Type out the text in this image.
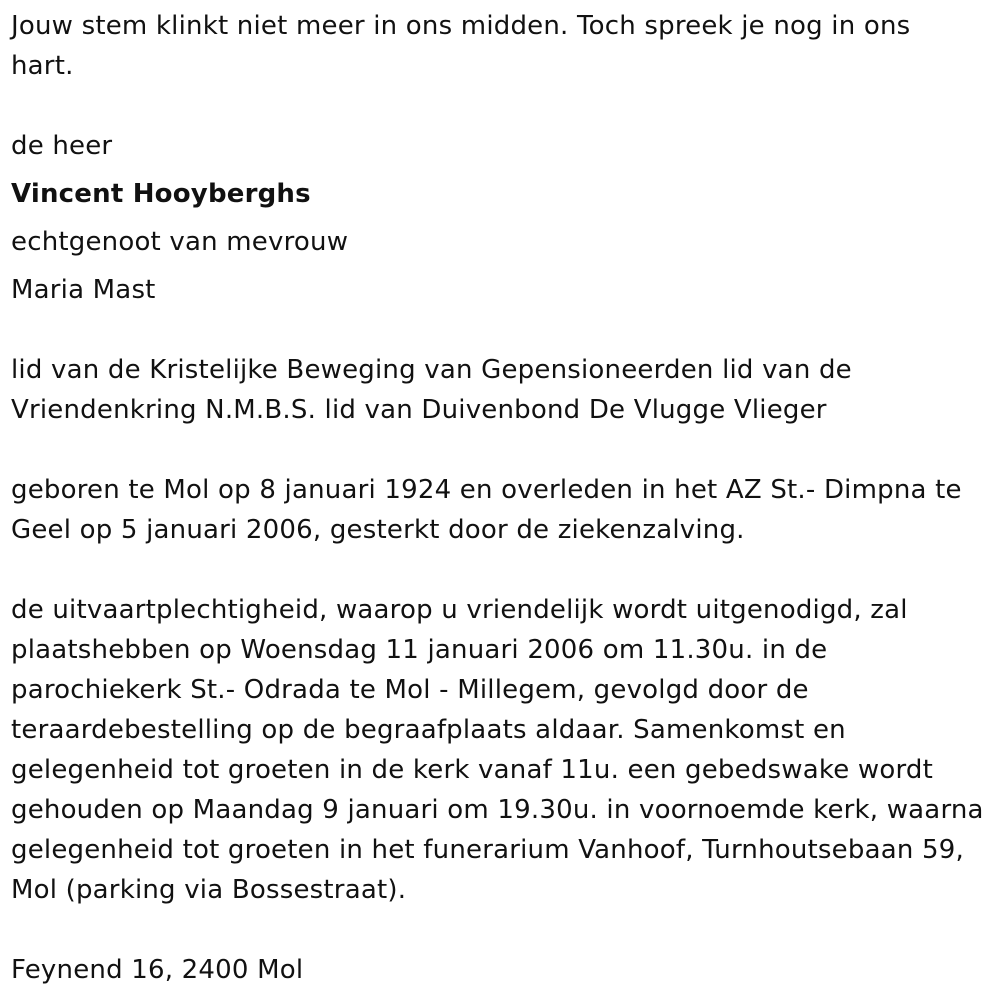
Jouw stem klinkt niet meer in ons midden. Toch spreek je nog in ons
hart.
de heer
Vincent Hooyberghs
echtgenoot van mevrouw
Maria Mast
lid van de Kristelijke Beweging van Gepensioneerden lid van de
Vriendenkring N.M.B.S. lid van Duivenbond De Vlugge Vlieger
geboren te Mol op 8 januari 1924 en overleden in het AZ St.- Dimpna te
Geel op 5 januari 2006, gesterkt door de ziekenzalving.
de uitvaartplechtigheid, waarop u vriendelijk wordt uitgenodigd, zal
plaatshebben op Woensdag 11 januari 2006 om 11.30u. in de
parochiekerk St.- Odrada te Mol - Millegem, gevolgd door de
teraardebestelling op de begraafplaats aldaar. Samenkomst en
gelegenheid tot groeten in de kerk vanaf 11u. een gebedswake wordt
gehouden op Maandag 9 januari om 19.30u. in voornoemde kerk, waarna
gelegenheid tot groeten in het funerarium Vanhoof, Turnhoutsebaan 59,
Mol (parking via Bossestraat).
Feynend 16, 2400 Mol
